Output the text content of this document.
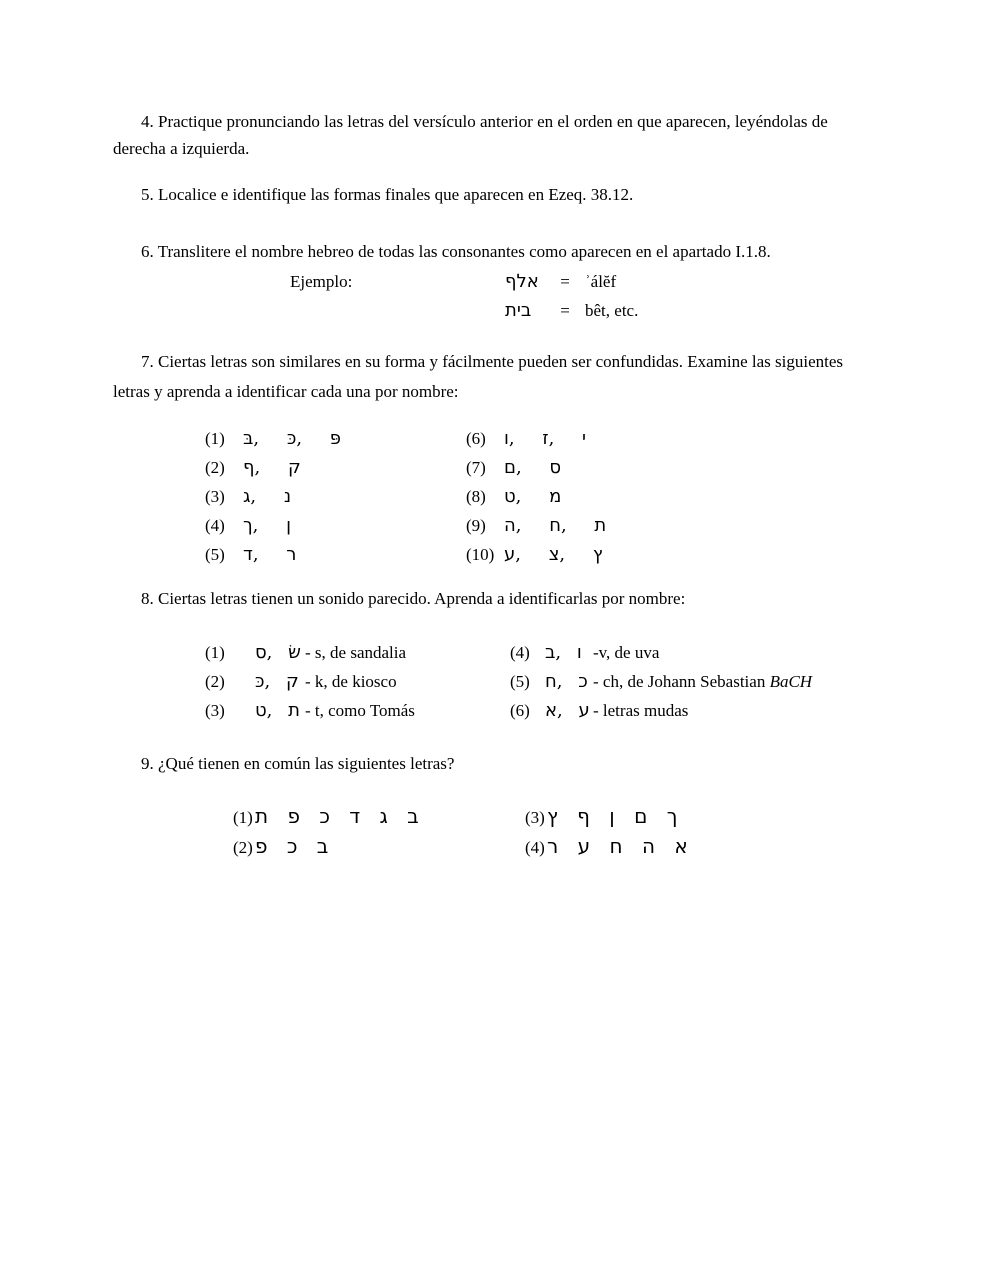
4. Practique pronunciando las letras del versículo anterior en el orden en que aparecen, leyéndolas de derecha a izquierda.

5. Localice e identifique las formas finales que aparecen en Ezeq. 38.12.

6. Translitere el nombre hebreo de todas las consonantes como aparecen en el apartado I.1.8.

Ejemplo:	ףלא	= ʾálĕf
תיב	= bêt, etc.

7. Ciertas letras son similares en su forma y fácilmente pueden ser confundidas. Examine las siguientes letras y aprenda a identificar cada una por nombre:

(1)	בּ, כּ, פּ
(2)	ף, ק
(3)	ג, נ
(4)	ך, ן
(5)	ד, ר
(6)	ו, ז, י
(7)	ם, ס
(8)	ט, מ
(9)	ה, ח, ת
(10) ע, צ, ץ

8. Ciertas letras tienen un sonido parecido. Aprenda a identificarlas por nombre:

(1)	ס, שׂ - s, de sandalia
(2)	כּ, ק - k, de kiosco
(3)	ט, ת - t, como Tomás
(4) ב, ו -v, de uva
(5) ח, כ - ch, de Johann Sebastian BaCH
(6) א, ע - letras mudas

9. ¿Qué tienen en común las siguientes letras?

(1) ת פ כ ד ג ב
(2) פ כ ב
(3) ץ ף ן ם ך
(4) ר ע ח ה א
